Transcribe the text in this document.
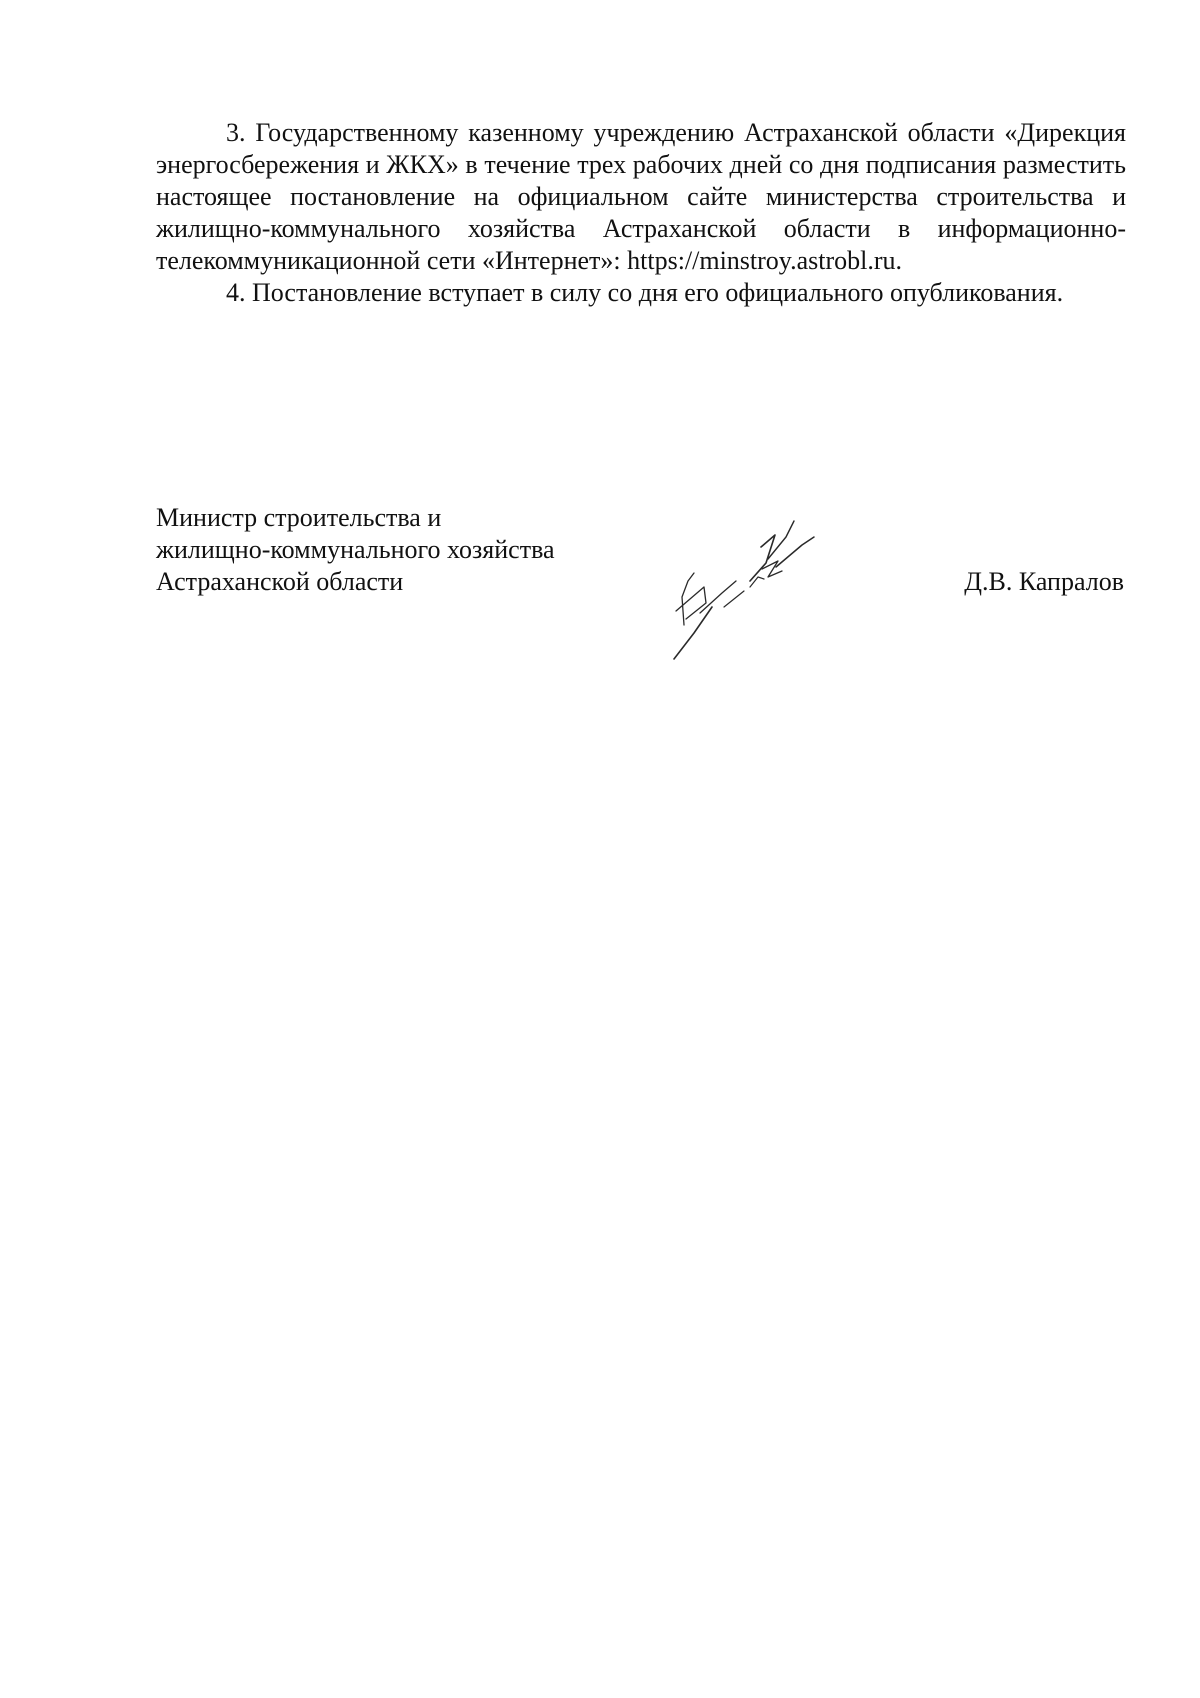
3. Государственному казенному учреждению Астраханской области «Дирекция энергосбережения и ЖКХ» в течение трех рабочих дней со дня подписания разместить настоящее постановление на официальном сайте министерства строительства и жилищно-коммунального хозяйства Астраханской области в информационно-телекоммуникационной сети «Интернет»: https://minstroy.astrobl.ru.

4. Постановление вступает в силу со дня его официального опубликования.

Министр строительства и
жилищно-коммунального хозяйства
Астраханской области	Д.В. Капралов
